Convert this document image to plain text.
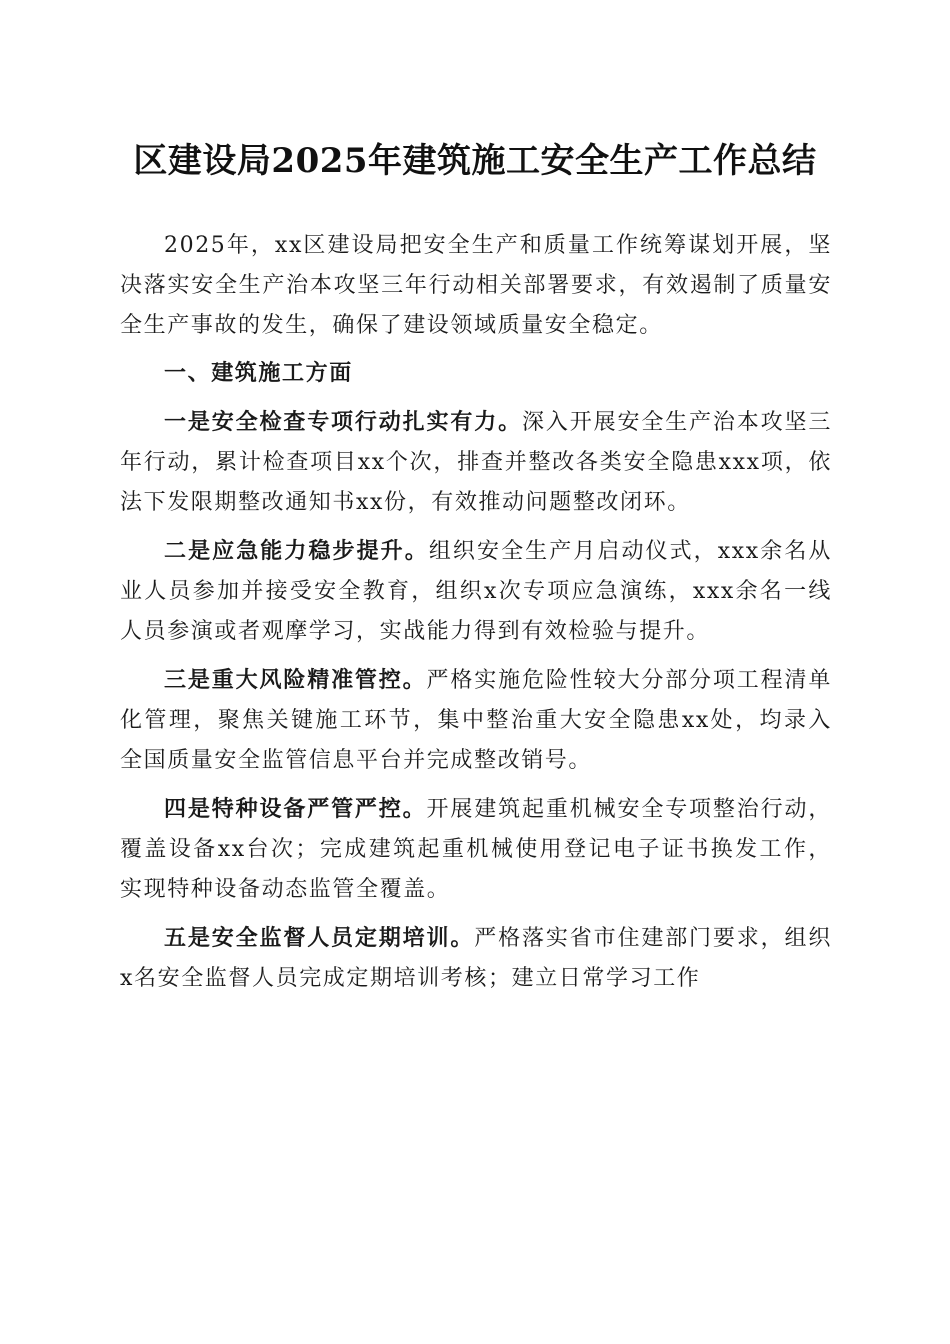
区建设局2025年建筑施工安全生产工作总结

2025年，xx区建设局把安全生产和质量工作统筹谋划开展，坚决落实安全生产治本攻坚三年行动相关部署要求，有效遏制了质量安全生产事故的发生，确保了建设领域质量安全稳定。

一、建筑施工方面

一是安全检查专项行动扎实有力。深入开展安全生产治本攻坚三年行动，累计检查项目xx个次，排查并整改各类安全隐患xxx项，依法下发限期整改通知书xx份，有效推动问题整改闭环。

二是应急能力稳步提升。组织安全生产月启动仪式，xxx余名从业人员参加并接受安全教育，组织x次专项应急演练，xxx余名一线人员参演或者观摩学习，实战能力得到有效检验与提升。

三是重大风险精准管控。严格实施危险性较大分部分项工程清单化管理，聚焦关键施工环节，集中整治重大安全隐患xx处，均录入全国质量安全监管信息平台并完成整改销号。

四是特种设备严管严控。开展建筑起重机械安全专项整治行动，覆盖设备xx台次；完成建筑起重机械使用登记电子证书换发工作，实现特种设备动态监管全覆盖。

五是安全监督人员定期培训。严格落实省市住建部门要求，组织x名安全监督人员完成定期培训考核；建立日常学习工作
